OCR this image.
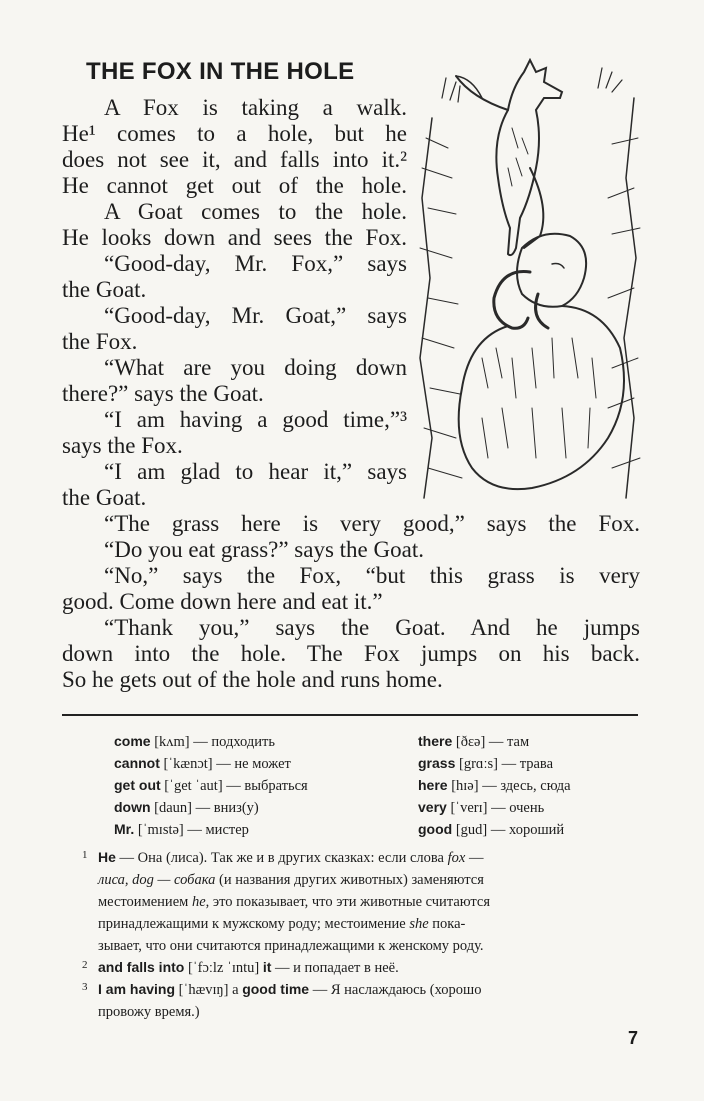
THE FOX IN THE HOLE
A Fox is taking a walk.
He¹ comes to a hole, but he
does not see it, and falls into it.²
He cannot get out of the hole.
A Goat comes to the hole.
He looks down and sees the Fox.
“Good-day, Mr. Fox,” says
the Goat.
“Good-day, Mr. Goat,” says
the Fox.
“What are you doing down
there?” says the Goat.
“I am having a good time,”³
says the Fox.
“I am glad to hear it,” says
the Goat.
“The grass here is very good,” says the Fox.
“Do you eat grass?” says the Goat.
“No,” says the Fox, “but this grass is very
good. Come down here and eat it.”
“Thank you,” says the Goat. And he jumps
down into the hole. The Fox jumps on his back.
So he gets out of the hole and runs home.
come [kʌm] — подходить
cannot [ˈkænɔt] — не может
get out [ˈget ˈaut] — выбраться
down [daun] — вниз(у)
Mr. [ˈmɪstə] — мистер
there [ðɛə] — там
grass [grɑːs] — трава
here [hɪə] — здесь, сюда
very [ˈverɪ] — очень
good [gud] — хороший
1 He — Она (лиса). Так же и в других сказках: если слова fox —
лиса, dog — собака (и названия других животных) заменяются
местоимением he, это показывает, что эти животные считаются
принадлежащими к мужскому роду; местоимение she пока-
зывает, что они считаются принадлежащими к женскому роду.
2 and falls into [ˈfɔːlz ˈɪntu] it — и попадает в неё.
3 I am having [ˈhævɪŋ] a good time — Я наслаждаюсь (хорошо
провожу время.)
7
